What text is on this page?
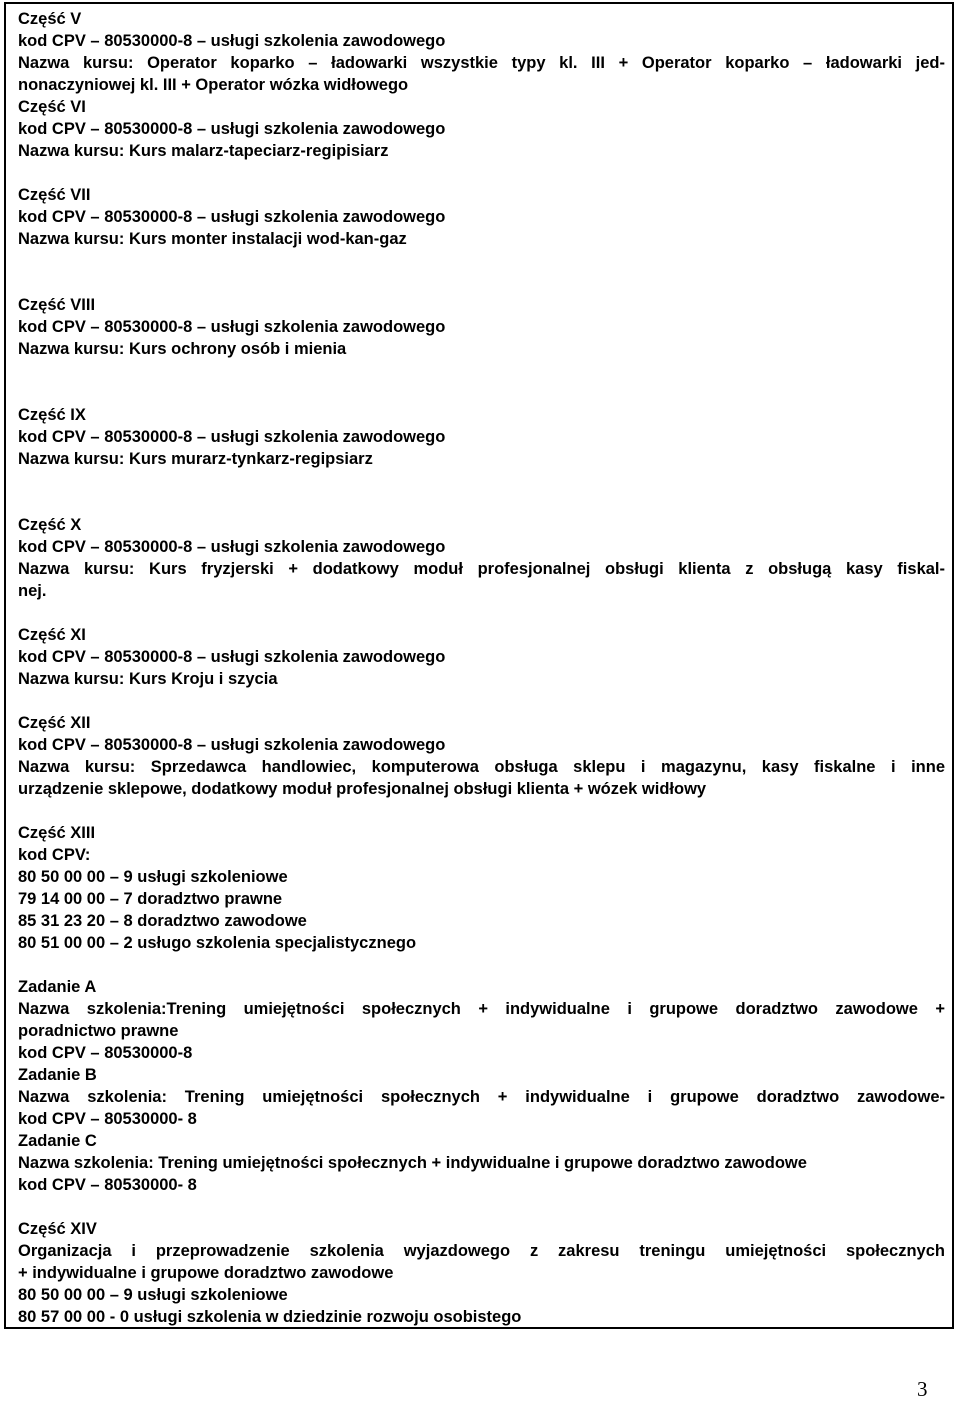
Część V
kod CPV – 80530000-8 – usługi szkolenia zawodowego
Nazwa kursu: Operator koparko – ładowarki wszystkie typy kl. III + Operator koparko – ładowarki jed-
nonaczyniowej kl. III + Operator wózka widłowego
Część VI
kod CPV – 80530000-8 – usługi szkolenia zawodowego
Nazwa kursu: Kurs malarz-tapeciarz-regipisiarz
Część VII
kod CPV – 80530000-8 – usługi szkolenia zawodowego
Nazwa kursu: Kurs monter instalacji wod-kan-gaz
Część VIII
kod CPV – 80530000-8 – usługi szkolenia zawodowego
Nazwa kursu: Kurs ochrony osób i mienia
Część IX
kod CPV – 80530000-8 – usługi szkolenia zawodowego
Nazwa kursu: Kurs murarz-tynkarz-regipsiarz
Część X
kod CPV – 80530000-8 – usługi szkolenia zawodowego
Nazwa kursu: Kurs fryzjerski + dodatkowy moduł profesjonalnej obsługi klienta z obsługą kasy fiskal-
nej.
Część XI
kod CPV – 80530000-8 – usługi szkolenia zawodowego
Nazwa kursu: Kurs Kroju i szycia
Część XII
kod CPV – 80530000-8 – usługi szkolenia zawodowego
Nazwa kursu: Sprzedawca handlowiec, komputerowa obsługa sklepu i magazynu, kasy fiskalne i inne
urządzenie sklepowe, dodatkowy moduł profesjonalnej obsługi klienta + wózek widłowy
Część XIII
kod CPV:
80 50 00 00 – 9 usługi szkoleniowe
79 14 00 00 – 7 doradztwo prawne
85 31 23 20 – 8 doradztwo zawodowe
80 51 00 00 – 2 usługo szkolenia specjalistycznego
Zadanie A
Nazwa szkolenia:Trening umiejętności społecznych + indywidualne i grupowe doradztwo zawodowe +
poradnictwo prawne
kod CPV – 80530000-8
Zadanie B
Nazwa szkolenia: Trening umiejętności społecznych + indywidualne i grupowe doradztwo zawodowe-
kod CPV – 80530000- 8
Zadanie C
Nazwa szkolenia: Trening umiejętności społecznych + indywidualne i grupowe doradztwo zawodowe
kod CPV – 80530000- 8
Część XIV
Organizacja i przeprowadzenie szkolenia wyjazdowego z zakresu treningu umiejętności społecznych
+ indywidualne i grupowe doradztwo zawodowe
80 50 00 00 – 9 usługi szkoleniowe
80 57 00 00 - 0 usługi szkolenia w dziedzinie rozwoju osobistego
3
